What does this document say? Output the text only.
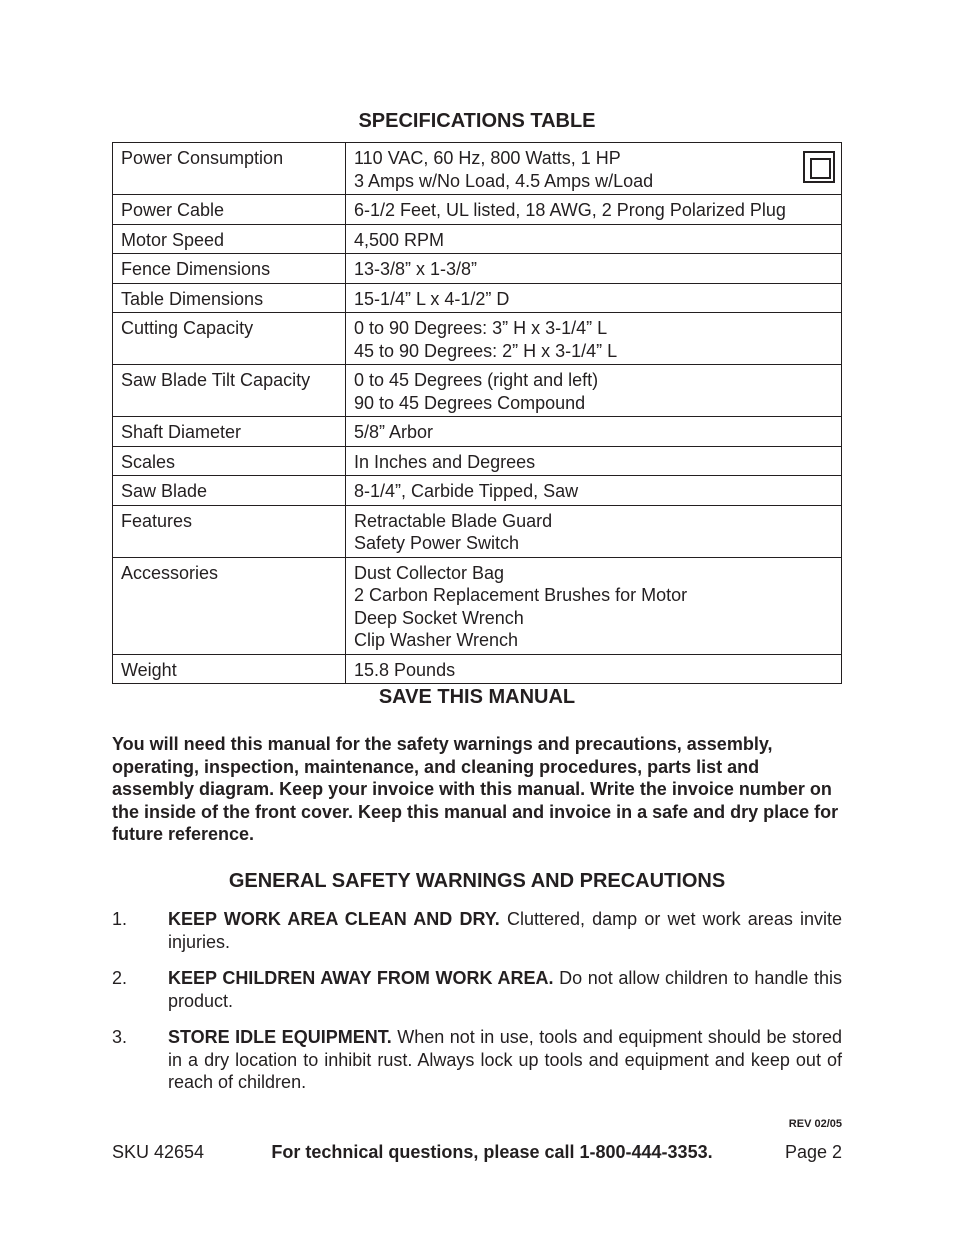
SPECIFICATIONS TABLE
Power Consumption	110 VAC, 60 Hz, 800 Watts, 1 HP
3 Amps w/No Load, 4.5 Amps w/Load

Power Cable	6-1/2 Feet, UL listed, 18 AWG, 2 Prong Polarized Plug

Motor Speed	4,500 RPM

Fence Dimensions	13-3/8” x 1-3/8”

Table Dimensions	15-1/4” L x 4-1/2” D

Cutting Capacity	0 to 90 Degrees: 3” H x 3-1/4” L
45 to 90 Degrees: 2” H x 3-1/4” L

Saw Blade Tilt Capacity	0 to 45 Degrees (right and left)
90 to 45 Degrees Compound

Shaft Diameter	5/8” Arbor

Scales	In Inches and Degrees

Saw Blade	8-1/4”, Carbide Tipped, Saw

Features	Retractable Blade Guard
Safety Power Switch

Accessories	Dust Collector Bag
2 Carbon Replacement Brushes for Motor
Deep Socket Wrench
Clip Washer Wrench

Weight	15.8 Pounds
SAVE THIS MANUAL
You will need this manual for the safety warnings and precautions, assembly, operating, inspection, maintenance, and cleaning procedures, parts list and assembly diagram. Keep your invoice with this manual. Write the invoice number on the inside of the front cover. Keep this manual and invoice in a safe and dry place for future reference.
GENERAL SAFETY WARNINGS AND PRECAUTIONS
1. KEEP WORK AREA CLEAN AND DRY. Cluttered, damp or wet work areas invite injuries.
2. KEEP CHILDREN AWAY FROM WORK AREA. Do not allow children to handle this product.
3. STORE IDLE EQUIPMENT. When not in use, tools and equipment should be stored in a dry location to inhibit rust. Always lock up tools and equipment and keep out of reach of children.
REV 02/05
SKU 42654	For technical questions, please call 1-800-444-3353.	Page 2
